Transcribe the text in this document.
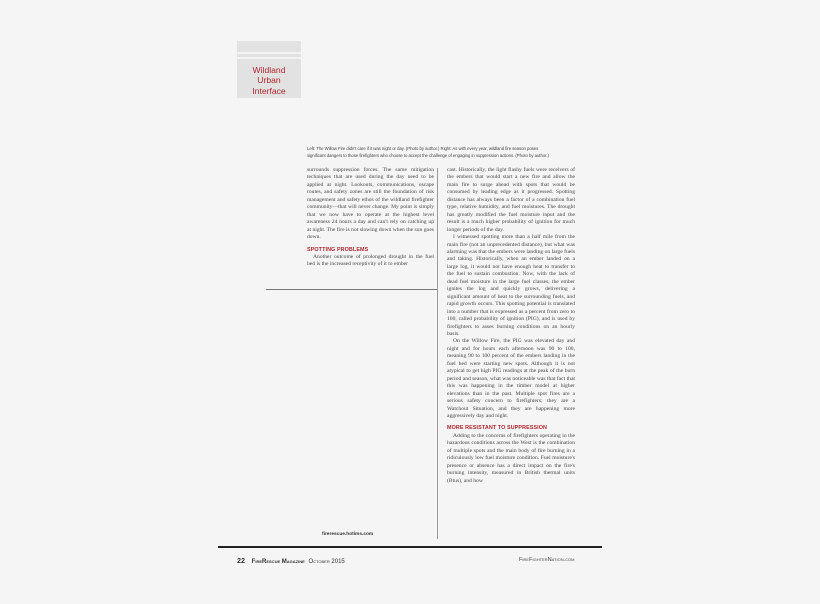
Wildland
Urban
Interface
Left: The Willow Fire didn't care if it was night or day. (Photo by author.) Right: As with every year, wildland fire season poses significant dangers to those firefighters who choose to accept the challenge of engaging in suppression actions. (Photo by author.)

surrounds suppression forces. The same mitigation techniques that are used during the day need to be applied at night. Lookouts, communications, escape routes, and safety zones are still the foundation of risk management and safety ethos of the wildland firefighter community—that will never change. My point is simply that we now have to operate at the highest level awareness 24 hours a day and can't rely on catching up at night. The fire is not slowing down when the sun goes down.

SPOTTING PROBLEMS

Another outcome of prolonged drought in the fuel bed is the increased receptivity of it to ember

cast. Historically, the light flashy fuels were receivers of the embers that would start a new fire and allow the main fire to surge ahead with spots that would be consumed by leading edge as it progressed. Spotting distance has always been a factor of a combination fuel type, relative humidity, and fuel moistures. The drought has greatly modified the fuel moisture input and the result is a much higher probability of ignition for much longer periods of the day.

I witnessed spotting more than a half mile from the main fire (not an unprecedented distance), but what was alarming was that the embers were landing on large fuels and taking. Historically, when an ember landed on a large log, it would not have enough heat to transfer to the fuel to sustain combustion. Now, with the lack of dead fuel moisture in the large fuel classes, the ember ignites the log and quickly grows, delivering a significant amount of heat to the surrounding fuels, and rapid growth occurs. This spotting potential is translated into a number that is expressed as a percent from zero to 100, called probability of ignition (PIG), and is used by firefighters to asses burning conditions on an hourly basis.

On the Willow Fire, the PIG was elevated day and night and for hours each afternoon was 90 to 100, meaning 90 to 100 percent of the embers landing in the fuel bed were starting new spots. Although it is not atypical to get high PIG readings at the peak of the burn period and season, what was noticeable was that fact that this was happening in the timber model at higher elevations than in the past. Multiple spot fires are a serious safety concern to firefighters; they are a Watchout Situation, and they are happening more aggressively day and night.

MORE RESISTANT TO SUPPRESSION

Adding to the concerns of firefighters operating in the hazardous conditions across the West is the combination of multiple spots and the main body of fire burning in a ridiculously low fuel moisture condition. Fuel moisture's presence or absence has a direct impact on the fire's burning intensity, measured in British thermal units (Btus), and how

firerescue.hotims.com
22 FireRescue Magazine October 2015	FireFighterNation.com
